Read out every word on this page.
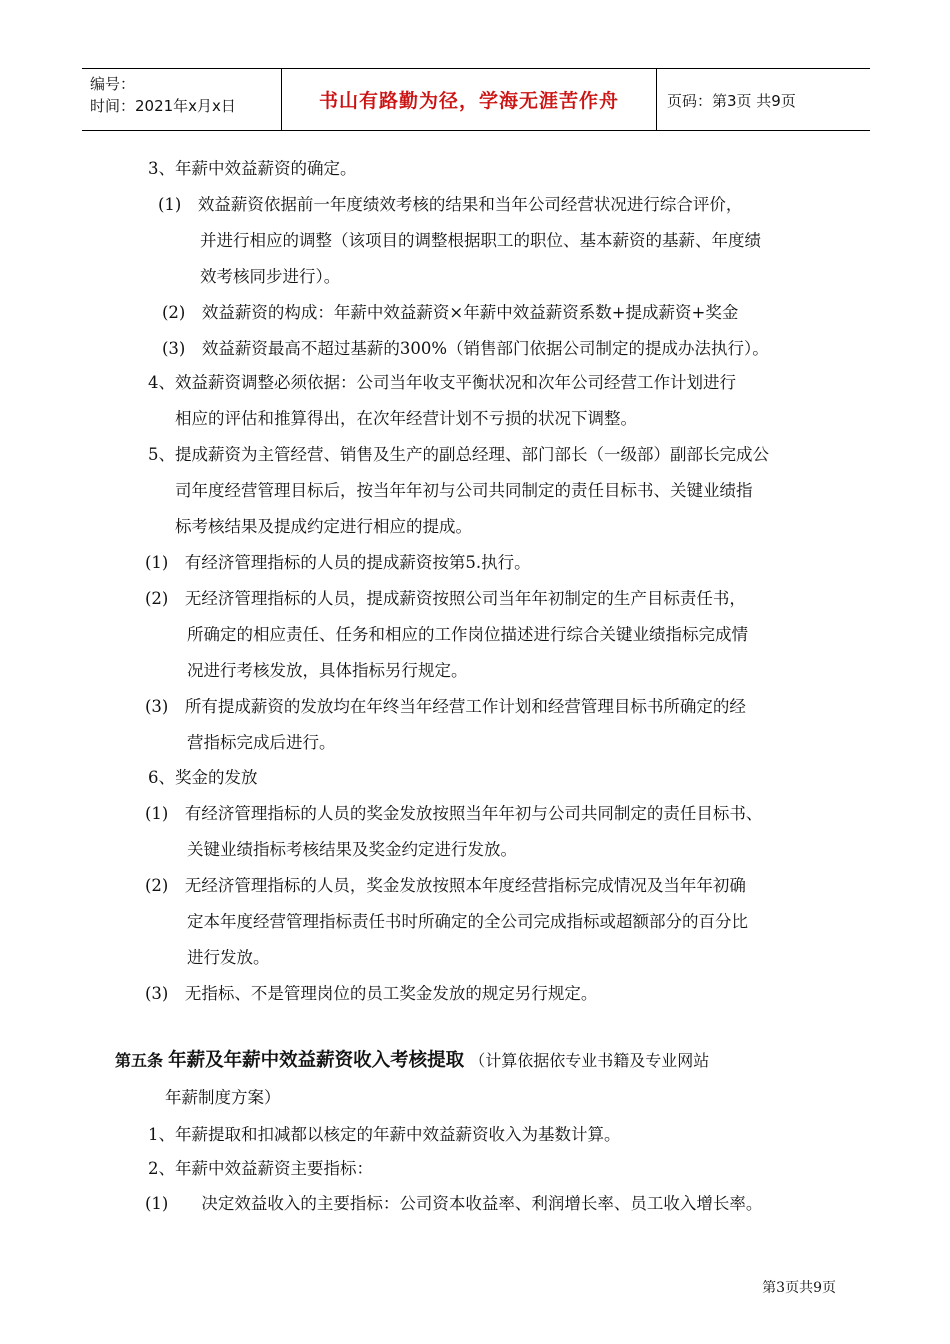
编号：
时间：2021年x月x日	书山有路勤为径，学海无涯苦作舟	页码：第3页 共9页
3、年薪中效益薪资的确定。
(1)　效益薪资依据前一年度绩效考核的结果和当年公司经营状况进行综合评价，
并进行相应的调整（该项目的调整根据职工的职位、基本薪资的基薪、年度绩
效考核同步进行）。
(2)　效益薪资的构成：年薪中效益薪资×年薪中效益薪资系数+提成薪资+奖金
(3)　效益薪资最高不超过基薪的300%（销售部门依据公司制定的提成办法执行）。
4、效益薪资调整必须依据：公司当年收支平衡状况和次年公司经营工作计划进行
相应的评估和推算得出，在次年经营计划不亏损的状况下调整。
5、提成薪资为主管经营、销售及生产的副总经理、部门部长（一级部）副部长完成公
司年度经营管理目标后，按当年年初与公司共同制定的责任目标书、关键业绩指
标考核结果及提成约定进行相应的提成。
(1)　有经济管理指标的人员的提成薪资按第5.执行。
(2)　无经济管理指标的人员，提成薪资按照公司当年年初制定的生产目标责任书，
所确定的相应责任、任务和相应的工作岗位描述进行综合关键业绩指标完成情
况进行考核发放，具体指标另行规定。
(3)　所有提成薪资的发放均在年终当年经营工作计划和经营管理目标书所确定的经
营指标完成后进行。
6、奖金的发放
(1)　有经济管理指标的人员的奖金发放按照当年年初与公司共同制定的责任目标书、
关键业绩指标考核结果及奖金约定进行发放。
(2)　无经济管理指标的人员，奖金发放按照本年度经营指标完成情况及当年年初确
定本年度经营管理指标责任书时所确定的全公司完成指标或超额部分的百分比
进行发放。
(3)　无指标、不是管理岗位的员工奖金发放的规定另行规定。
第五条 年薪及年薪中效益薪资收入考核提取 （计算依据依专业书籍及专业网站
年薪制度方案）
1、年薪提取和扣减都以核定的年薪中效益薪资收入为基数计算。
2、年薪中效益薪资主要指标：
(1)　　决定效益收入的主要指标：公司资本收益率、利润增长率、员工收入增长率。
第3页共9页
